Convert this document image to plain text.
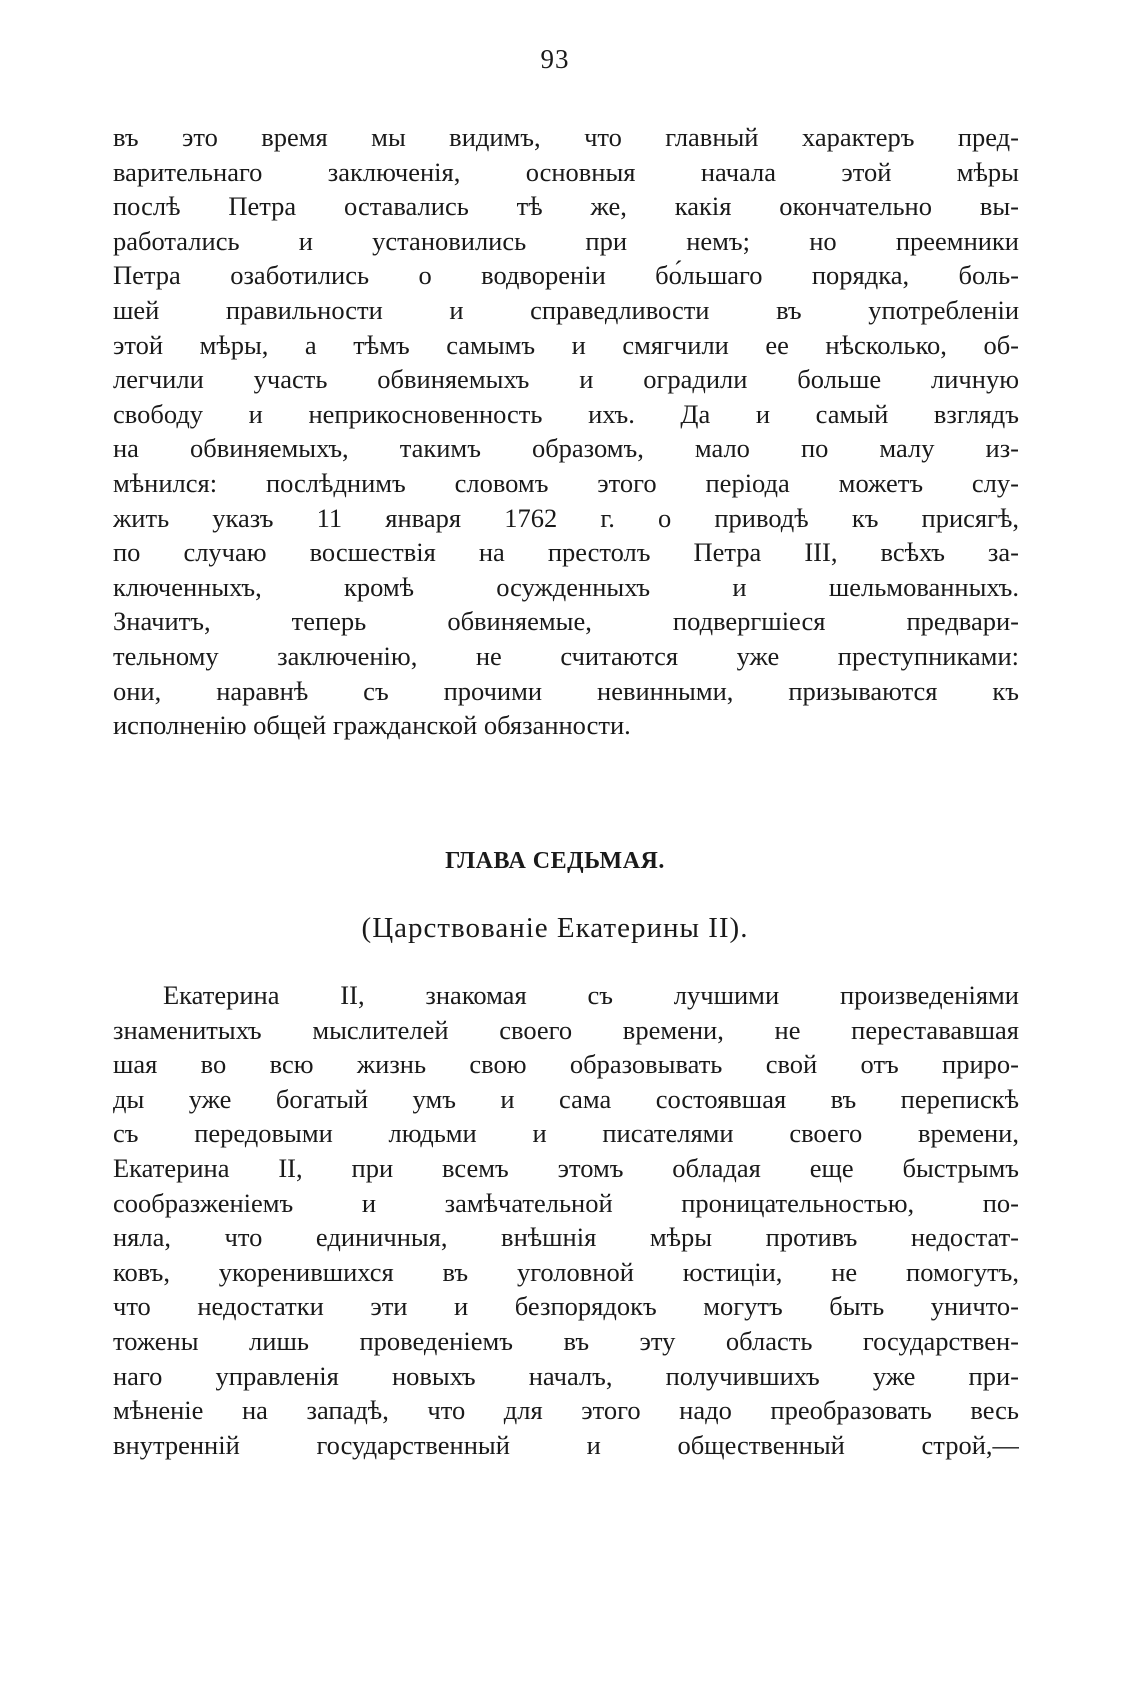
93
въ это время мы видимъ, что главный характеръ пред-
варительнаго заключенія, основныя начала этой мѣры
послѣ Петра оставались тѣ же, какія окончательно вы-
работались и установились при немъ; но преемники
Петра озаботились о водвореніи бо́льшаго порядка, боль-
шей правильности и справедливости въ употребленіи
этой мѣры, а тѣмъ самымъ и смягчили ее нѣсколько, об-
легчили участь обвиняемыхъ и оградили больше личную
свободу и неприкосновенность ихъ. Да и самый взглядъ
на обвиняемыхъ, такимъ образомъ, мало по малу из-
мѣнился: послѣднимъ словомъ этого періода можетъ слу-
жить указъ 11 января 1762 г. о приводѣ къ присягѣ,
по случаю восшествія на престолъ Петра III, всѣхъ за-
ключенныхъ, кромѣ осужденныхъ и шельмованныхъ.
Значитъ, теперь обвиняемые, подвергшіеся предвари-
тельному заключенію, не считаются уже преступниками:
они, наравнѣ съ прочими невинными, призываются къ
исполненію общей гражданской обязанности.
ГЛАВА СЕДЬМАЯ.
(Царствованіе Екатерины II).
Екатерина II, знакомая съ лучшими произведеніями
знаменитыхъ мыслителей своего времени, не перестававшая
шая во всю жизнь свою образовывать свой отъ приро-
ды уже богатый умъ и сама состоявшая въ перепискѣ
съ передовыми людьми и писателями своего времени,
Екатерина II, при всемъ этомъ обладая еще быстрымъ
сообразженіемъ и замѣчательной проницательностью, по-
няла, что единичныя, внѣшнія мѣры противъ недостат-
ковъ, укоренившихся въ уголовной юстиціи, не помогутъ,
что недостатки эти и безпорядокъ могутъ быть уничто-
тожены лишь проведеніемъ въ эту область государствен-
наго управленія новыхъ началъ, получившихъ уже при-
мѣненіе на западѣ, что для этого надо преобразовать весь
внутренній государственный и общественный строй,—
